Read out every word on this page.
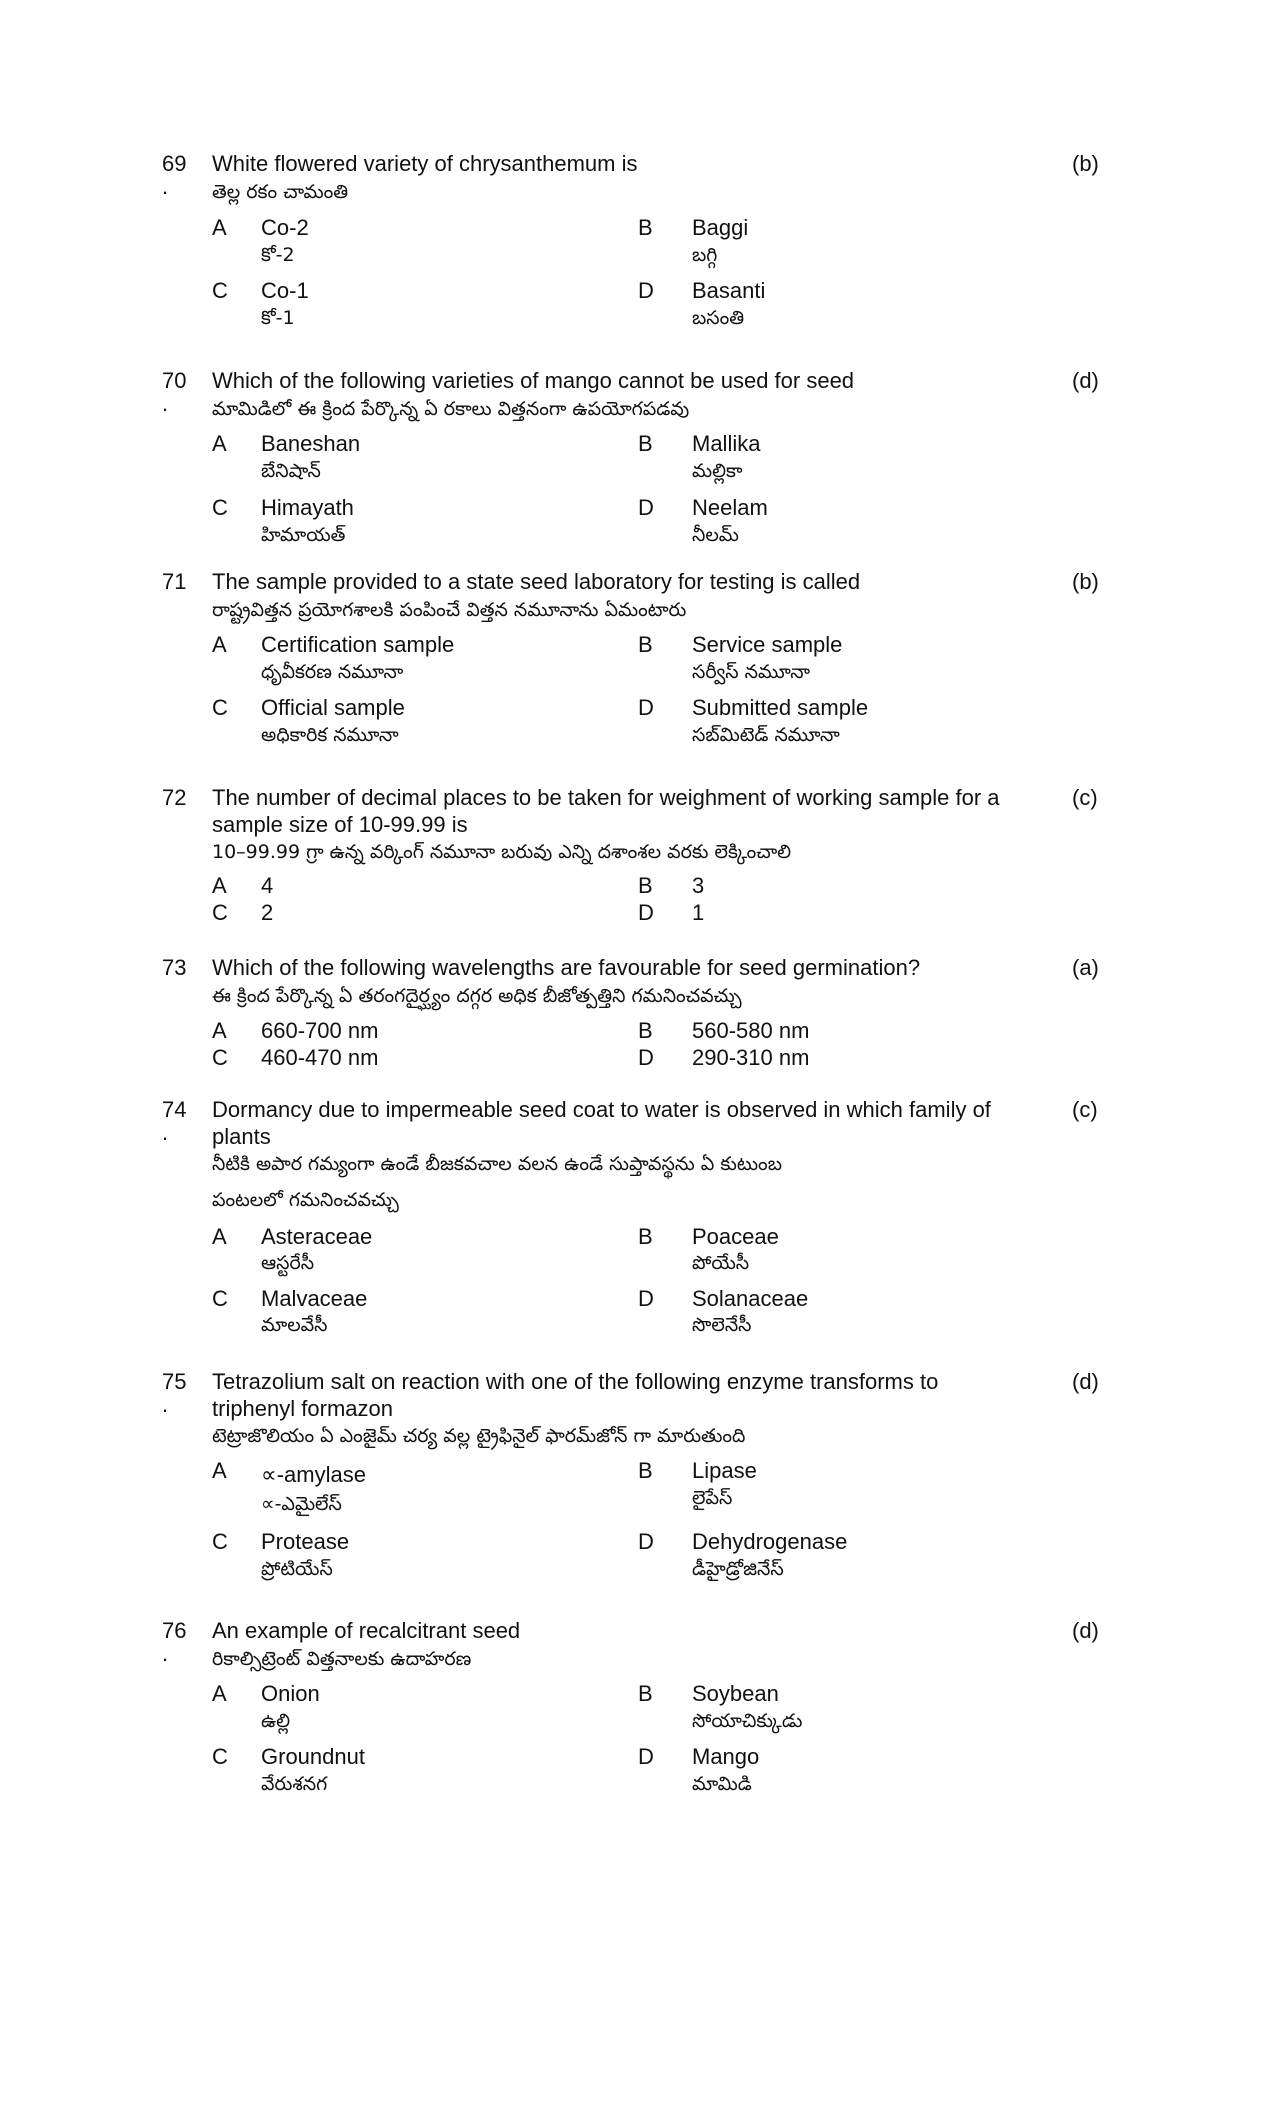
69
.
White flowered variety of chrysanthemum is	(b)
తెల్ల రకం చామంతి
A Co-2
కో-2
B Baggi
బగ్గి
C Co-1
కో-1
D Basanti
బసంతి
70
.
Which of the following varieties of mango cannot be used for seed	(d)
మామిడిలో ఈ క్రింద పేర్కొన్న ఏ రకాలు విత్తనంగా ఉపయోగపడవు
A Baneshan
బేనిషాన్
B Mallika
మల్లికా
C Himayath
హిమాయత్
D Neelam
నీలమ్
71	The sample provided to a state seed laboratory for testing is called	(b)
రాష్ట్రవిత్తన ప్రయోగశాలకి పంపించే విత్తన నమూనాను ఏమంటారు
A Certification sample
ధృవీకరణ నమూనా
B Service sample
సర్వీస్ నమూనా
C Official sample
అధికారిక నమూనా
D Submitted sample
సబ్‌మిటెడ్ నమూనా
72	The number of decimal places to be taken for weighment of working sample for a
sample size of 10-99.99 is
(c)
10–99.99 గ్రా ఉన్న వర్కింగ్ నమూనా బరువు ఎన్ని దశాంశల వరకు లెక్కించాలి
A 4	B 3
C 2	D 1
73	Which of the following wavelengths are favourable for seed germination?	(a)
ఈ క్రింద పేర్కొన్న ఏ తరంగదైర్ఘ్యం దగ్గర అధిక బీజోత్పత్తిని గమనించవచ్చు
A 660-700 nm	B 560-580 nm
C 460-470 nm	D 290-310 nm
74
.
Dormancy due to impermeable seed coat to water is observed in which family of
plants
(c)
నీటికి అపార గమ్యంగా ఉండే బీజకవచాల వలన ఉండే సుప్తావస్థను ఏ కుటుంబ
పంటలలో గమనించవచ్చు
A Asteraceae
ఆస్టరేసీ
B Poaceae
పోయేసీ
C Malvaceae
మాలవేసీ
D Solanaceae
సొలెనేసీ
75
.
Tetrazolium salt on reaction with one of the following enzyme transforms to
triphenyl formazon
(d)
టెట్రాజొలియం ఏ ఎంజైమ్ చర్య వల్ల ట్రైఫినైల్ ఫారమ్‌జోన్ గా మారుతుంది
A ∝-amylase
∝-ఎమైలేస్
B Lipase
లైపేస్
C Protease
ప్రోటియేస్
D Dehydrogenase
డీహైడ్రోజినేస్
76
.
An example of recalcitrant seed	(d)
రికాల్సిట్రెంట్ విత్తనాలకు ఉదాహరణ
A Onion
ఉల్లి
B Soybean
సోయాచిక్కుడు
C Groundnut
వేరుశనగ
D Mango
మామిడి
